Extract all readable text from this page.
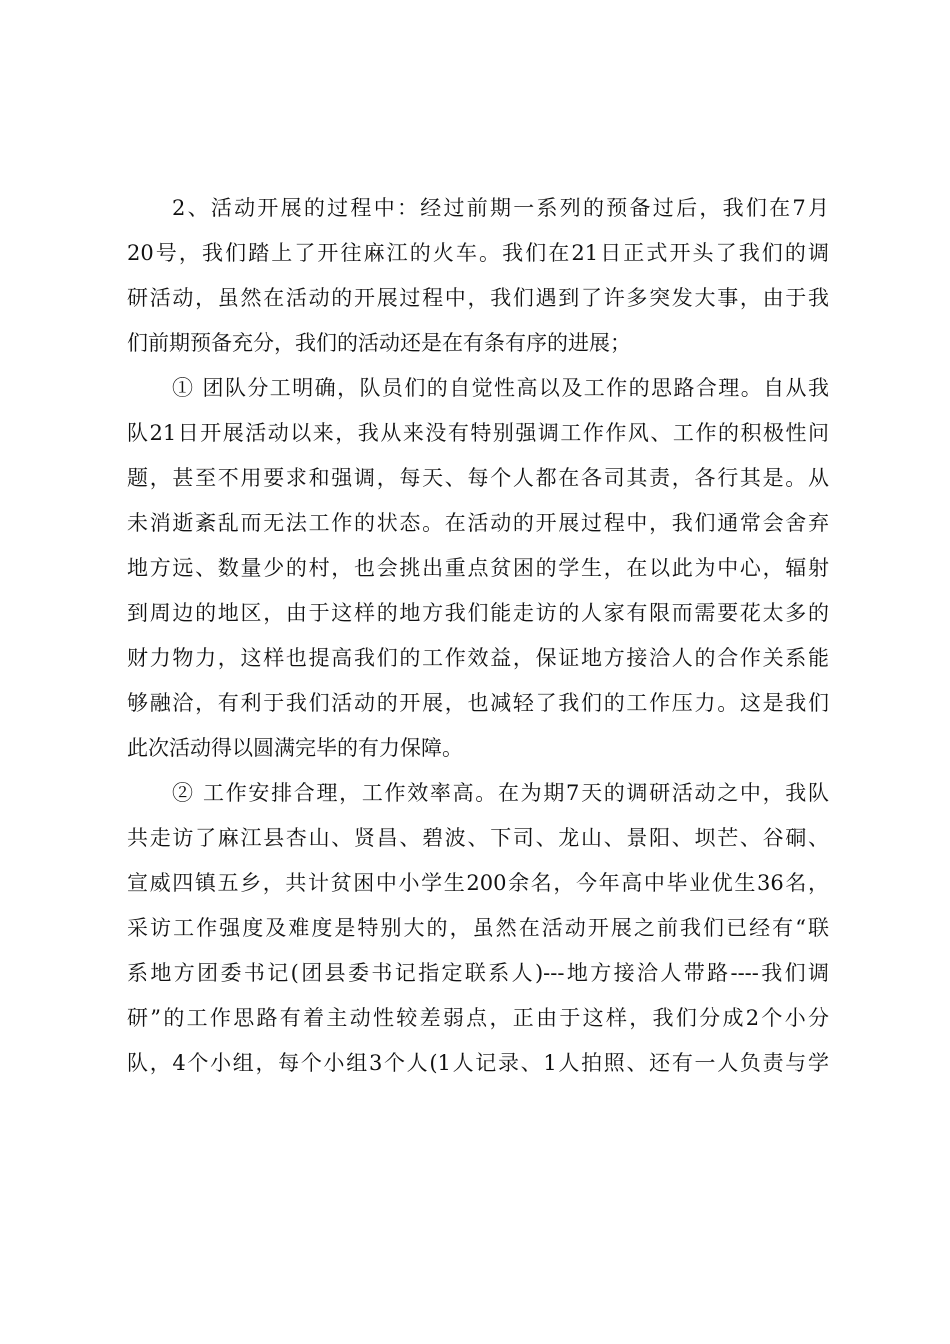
2、活动开展的过程中：经过前期一系列的预备过后，我们在7月
20号，我们踏上了开往麻江的火车。我们在21日正式开头了我们的调
研活动，虽然在活动的开展过程中，我们遇到了许多突发大事，由于我
们前期预备充分，我们的活动还是在有条有序的进展；
① 团队分工明确，队员们的自觉性高以及工作的思路合理。自从我
队21日开展活动以来，我从来没有特别强调工作作风、工作的积极性问
题，甚至不用要求和强调，每天、每个人都在各司其责，各行其是。从
未消逝紊乱而无法工作的状态。在活动的开展过程中，我们通常会舍弃
地方远、数量少的村，也会挑出重点贫困的学生，在以此为中心，辐射
到周边的地区，由于这样的地方我们能走访的人家有限而需要花太多的
财力物力，这样也提高我们的工作效益，保证地方接洽人的合作关系能
够融洽，有利于我们活动的开展，也减轻了我们的工作压力。这是我们
此次活动得以圆满完毕的有力保障。
② 工作安排合理，工作效率高。在为期7天的调研活动之中，我队
共走访了麻江县杏山、贤昌、碧波、下司、龙山、景阳、坝芒、谷硐、
宣威四镇五乡，共计贫困中小学生200余名，今年高中毕业优生36名，
采访工作强度及难度是特别大的，虽然在活动开展之前我们已经有“联
系地方团委书记(团县委书记指定联系人)---地方接洽人带路----我们调
研”的工作思路有着主动性较差弱点，正由于这样，我们分成2个小分
队，4个小组，每个小组3个人(1人记录、1人拍照、还有一人负责与学
